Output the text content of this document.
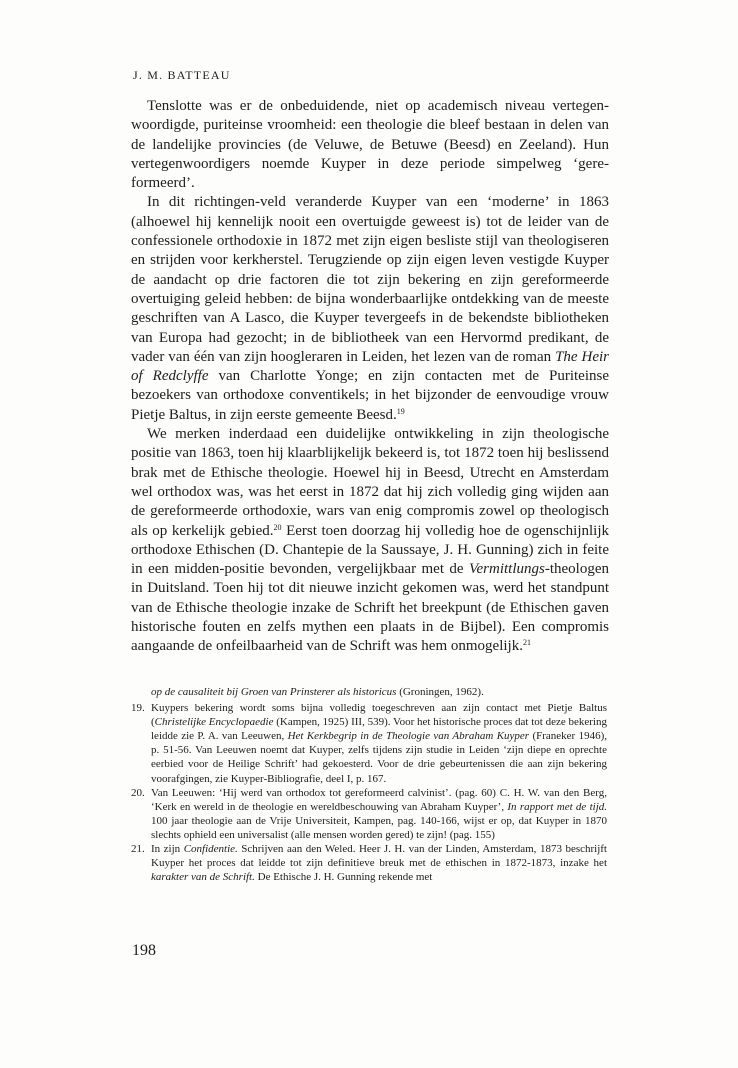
J. M. BATTEAU

Tenslotte was er de onbeduidende, niet op academisch niveau vertegenwoordigde, puriteinse vroomheid: een theologie die bleef bestaan in delen van de landelijke provincies (de Veluwe, de Betuwe (Beesd) en Zeeland). Hun vertegenwoordigers noemde Kuyper in deze periode simpelweg ‘gereformeerd’.

In dit richtingen-veld veranderde Kuyper van een ‘moderne’ in 1863 (alhoewel hij kennelijk nooit een overtuigde geweest is) tot de leider van de confessionele orthodoxie in 1872 met zijn eigen besliste stijl van theologiseren en strijden voor kerkherstel. Terugziende op zijn eigen leven vestigde Kuyper de aandacht op drie factoren die tot zijn bekering en zijn gereformeerde overtuiging geleid hebben: de bijna wonderbaarlijke ontdekking van de meeste geschriften van A Lasco, die Kuyper tevergeefs in de bekendste bibliotheken van Europa had gezocht; in de bibliotheek van een Hervormd predikant, de vader van één van zijn hoogleraren in Leiden, het lezen van de roman The Heir of Redclyffe van Charlotte Yonge; en zijn contacten met de Puriteinse bezoekers van orthodoxe conventikels; in het bijzonder de eenvoudige vrouw Pietje Baltus, in zijn eerste gemeente Beesd.$^{19}$

We merken inderdaad een duidelijke ontwikkeling in zijn theologische positie van 1863, toen hij klaarblijkelijk bekeerd is, tot 1872 toen hij beslissend brak met de Ethische theologie. Hoewel hij in Beesd, Utrecht en Amsterdam wel orthodox was, was het eerst in 1872 dat hij zich volledig ging wijden aan de gereformeerde orthodoxie, wars van enig compromis zowel op theologisch als op kerkelijk gebied.$^{20}$ Eerst toen doorzag hij volledig hoe de ogenschijnlijk orthodoxe Ethischen (D. Chantepie de la Saussaye, J. H. Gunning) zich in feite in een midden-positie bevonden, vergelijkbaar met de Vermittlungs-theologen in Duitsland. Toen hij tot dit nieuwe inzicht gekomen was, werd het standpunt van de Ethische theologie inzake de Schrift het breekpunt (de Ethischen gaven historische fouten en zelfs mythen een plaats in de Bijbel). Een compromis aangaande de onfeilbaarheid van de Schrift was hem onmogelijk.$^{21}$

op de causaliteit bij Groen van Prinsterer als historicus (Groningen, 1962).

19. Kuypers bekering wordt soms bijna volledig toegeschreven aan zijn contact met Pietje Baltus (Christelijke Encyclopaedie (Kampen, 1925) III, 539). Voor het historische proces dat tot deze bekering leidde zie P. A. van Leeuwen, Het Kerkbegrip in de Theologie van Abraham Kuyper (Franeker 1946), p. 51-56. Van Leeuwen noemt dat Kuyper, zelfs tijdens zijn studie in Leiden ‘zijn diepe en oprechte eerbied voor de Heilige Schrift’ had gekoesterd. Voor de drie gebeurtenissen die aan zijn bekering voorafgingen, zie Kuyper-Bibliografie, deel I, p. 167.
20. Van Leeuwen: ‘Hij werd van orthodox tot gereformeerd calvinist’. (pag. 60) C. H. W. van den Berg, ‘Kerk en wereld in de theologie en wereldbeschouwing van Abraham Kuyper’, In rapport met de tijd. 100 jaar theologie aan de Vrije Universiteit, Kampen, pag. 140-166, wijst er op, dat Kuyper in 1870 slechts ophield een universalist (alle mensen worden gered) te zijn! (pag. 155)
21. In zijn Confidentie. Schrijven aan den Weled. Heer J. H. van der Linden, Amsterdam, 1873 beschrijft Kuyper het proces dat leidde tot zijn definitieve breuk met de ethischen in 1872-1873, inzake het karakter van de Schrift. De Ethische J. H. Gunning rekende met
198
